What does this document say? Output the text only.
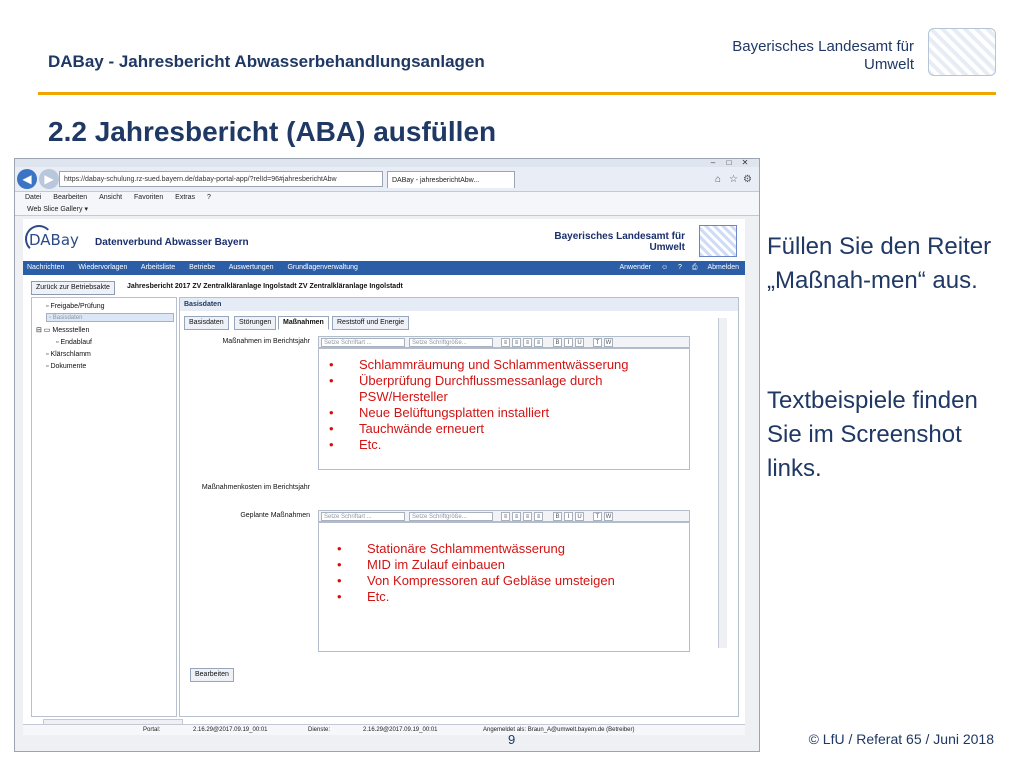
DABay - Jahresbericht Abwasserbehandlungsanlagen
Bayerisches Landesamt für
Umwelt
2.2 Jahresbericht (ABA) ausfüllen
–	□	✕
◀	▶	https://dabay-schulung.rz-sued.bayern.de/dabay-portal-app/?relId=96#jahresberichtAbw	DABay - jahresberichtAbw...	⌂ ☆ ⚙
Datei Bearbeiten Ansicht Favoriten Extras ?
Web Slice Gallery ▾
DABay Datenverbund Abwasser Bayern
Bayerisches Landesamt für
Umwelt
Nachrichten Wiedervorlagen Arbeitsliste Betriebe Auswertungen Grundlagenverwaltung	Anwender ☺ ? ⎙ Abmelden
Zurück zur Betriebsakte	Jahresbericht 2017 ZV Zentralkläranlage Ingolstadt ZV Zentralkläranlage Ingolstadt
▫ Freigabe/Prüfung
▫ Basisdaten
⊟ ▭ Messstellen
▫ Endablauf
▫ Klärschlamm
▫ Dokumente
Basisdaten
Basisdaten	Störungen	Maßnahmen	Reststoff und Energie
Maßnahmen im Berichtsjahr	Setze Schriftart ...	Setze Schriftgröße...	≡	≡	≡	≡	B	I	U	T	W
• Schlammräumung und Schlammentwässerung
• Überprüfung Durchflussmessanlage durch PSW/Hersteller
• Neue Belüftungsplatten installiert
• Tauchwände erneuert
• Etc.
Maßnahmenkosten im Berichtsjahr
Geplante Maßnahmen	Setze Schriftart ...	Setze Schriftgröße...	≡	≡	≡	≡	B	I	U	T	W
• Stationäre Schlammentwässerung
• MID im Zulauf einbauen
• Von Kompressoren auf Gebläse umsteigen
• Etc.
Bearbeiten
Portal:	2.16.29@2017.09.19_00:01	Dienste:	2.16.29@2017.09.19_00:01	Angemeldet als: Braun_A@umwelt.bayern.de (Betreiber)
Füllen Sie den Reiter „Maßnah-men“ aus.
Textbeispiele finden Sie im Screenshot links.
9	© LfU / Referat 65 / Juni 2018
